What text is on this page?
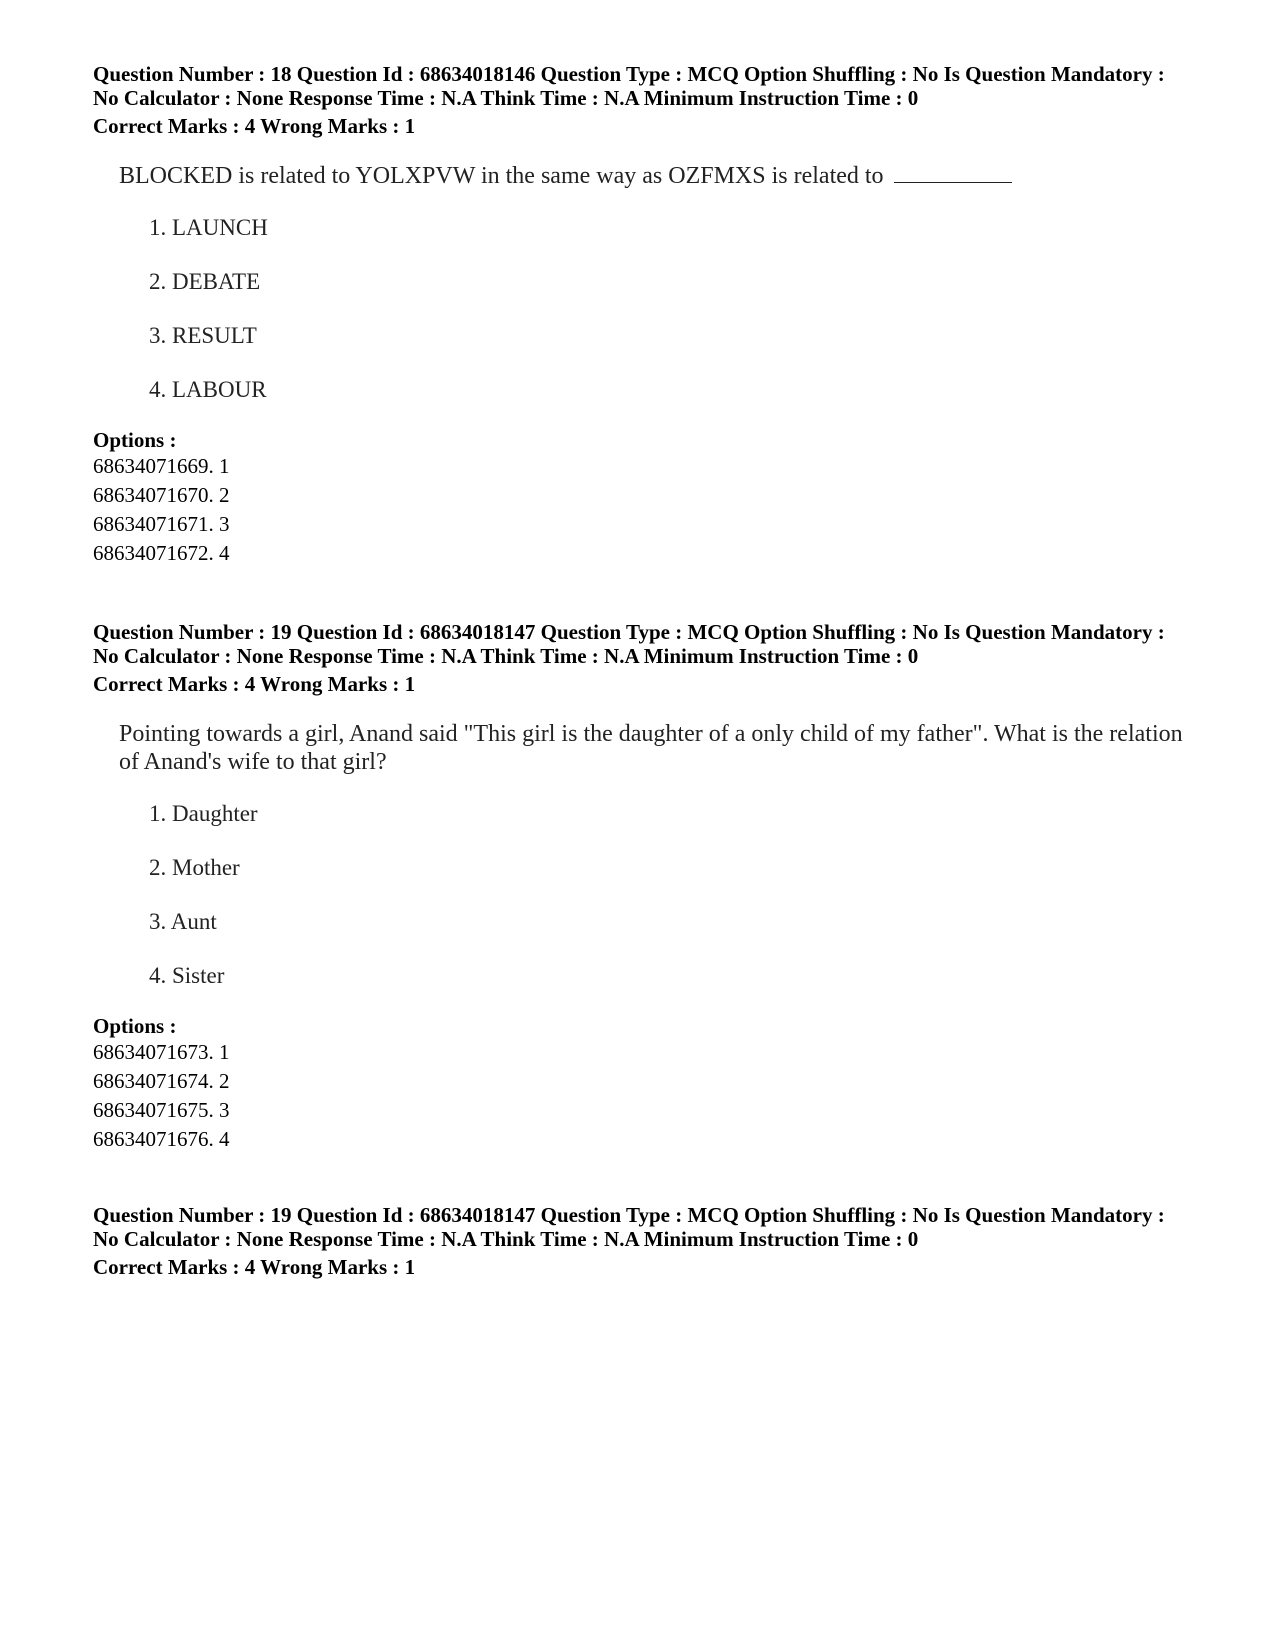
Question Number : 18 Question Id : 68634018146 Question Type : MCQ Option Shuffling : No Is Question Mandatory :
No Calculator : None Response Time : N.A Think Time : N.A Minimum Instruction Time : 0
Correct Marks : 4 Wrong Marks : 1
BLOCKED is related to YOLXPVW in the same way as OZFMXS is related to
1. LAUNCH
2. DEBATE
3. RESULT
4. LABOUR
Options :
68634071669. 1
68634071670. 2
68634071671. 3
68634071672. 4
Question Number : 19 Question Id : 68634018147 Question Type : MCQ Option Shuffling : No Is Question Mandatory :
No Calculator : None Response Time : N.A Think Time : N.A Minimum Instruction Time : 0
Correct Marks : 4 Wrong Marks : 1
Pointing towards a girl, Anand said "This girl is the daughter of a only child of my father". What is the relation of Anand's wife to that girl?
1. Daughter
2. Mother
3. Aunt
4. Sister
Options :
68634071673. 1
68634071674. 2
68634071675. 3
68634071676. 4
Question Number : 19 Question Id : 68634018147 Question Type : MCQ Option Shuffling : No Is Question Mandatory :
No Calculator : None Response Time : N.A Think Time : N.A Minimum Instruction Time : 0
Correct Marks : 4 Wrong Marks : 1
